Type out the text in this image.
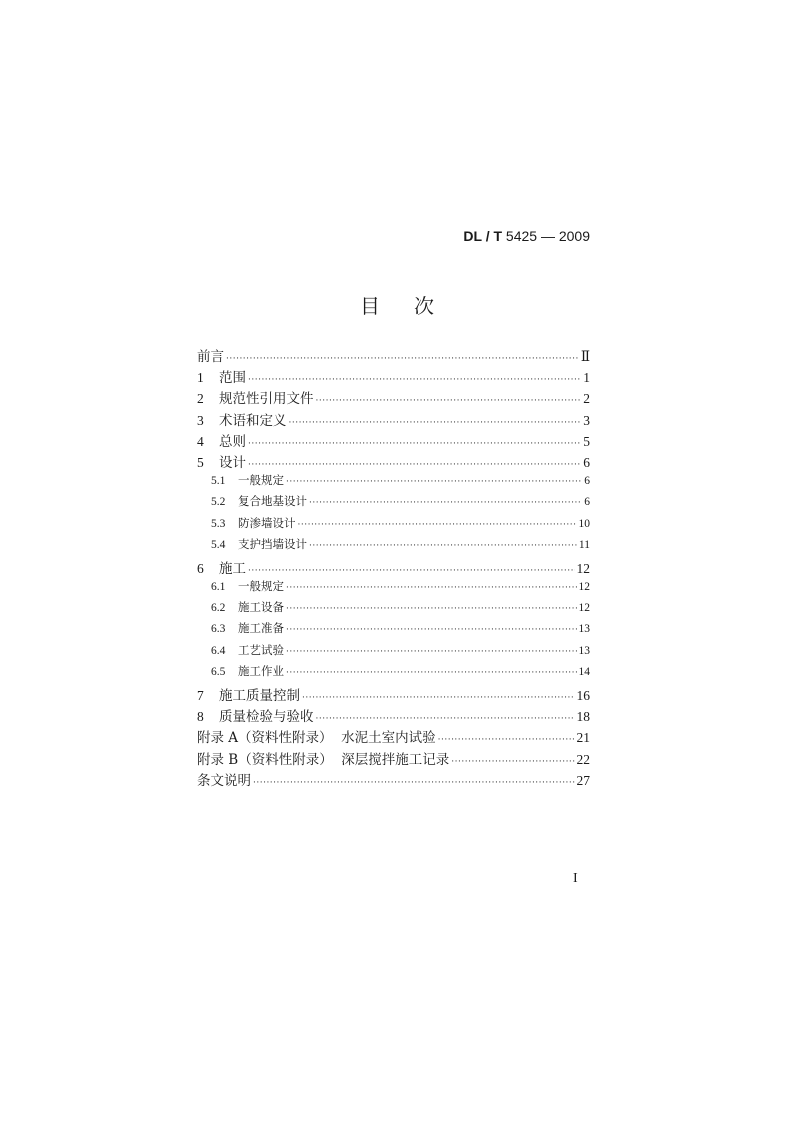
DL / T 5425 — 2009
目次
前言 ·····	Ⅱ
1	范围 ·····	1
2	规范性引用文件 ·····	2
3	术语和定义 ·····	3
4	总则 ·····	5
5	设计 ·····	6
5.1	一般规定 ·····	6
5.2	复合地基设计 ·····	6
5.3	防渗墙设计 ·····	10
5.4	支护挡墙设计 ·····	11
6	施工 ·····	12
6.1	一般规定 ·····	12
6.2	施工设备 ·····	12
6.3	施工准备 ·····	13
6.4	工艺试验 ·····	13
6.5	施工作业 ·····	14
7	施工质量控制 ·····	16
8	质量检验与验收 ·····	18
附录 A（资料性附录）  水泥土室内试验 ·····	21
附录 B（资料性附录）  深层搅拌施工记录 ·····	22
条文说明 ·····	27
I
